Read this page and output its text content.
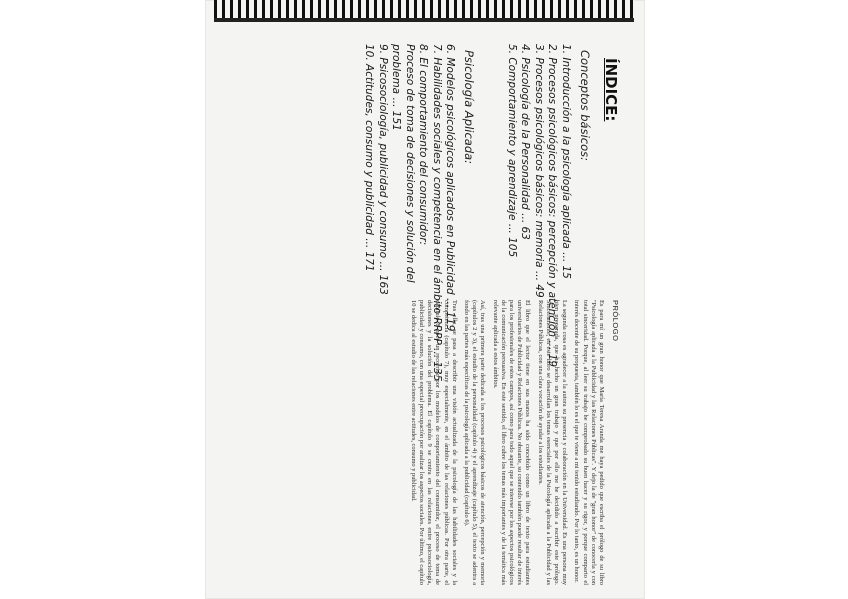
ÍNDICE:
Conceptos básicos:
1. Introducción a la psicología aplicada ... 15
2. Procesos psicológicos básicos: percepción y atención ... 19
3. Procesos psicológicos básicos: memoria ... 49
4. Psicología de la Personalidad ... 63
5. Comportamiento y aprendizaje ... 105
Psicología Aplicada:
6. Modelos psicológicos aplicados en Publicidad ... 119
7. Habilidades sociales y competencia en el ámbito RRPP ... 135
8. El comportamiento del consumidor: Proceso de toma de decisiones y solución del problema ... 151
9. Psicosociología, publicidad y consumo ... 163
10. Actitudes, consumo y publicidad ... 171
PRÓLOGO

Es para mí un gran honor que María Teresa Aranda me haya pedido que escriba el prólogo de su libro "Psicología aplicada a la Publicidad y las Relaciones Públicas". Y dejo la de "gran honor" de conocerla y con total sinceridad. Porque, al leer su trabajo he comprobado su buen hacer y su rigor, y porque comparto el interés docente de su propuesta, también lo es el que te viene a mi tenido estudiando. Por lo tanto, es un honor.

La segunda cosa es agradecer a la autora su presencia y colaboración en la Universidad. Es una persona muy bien preparada, que ha hecho un gran trabajo y que por ello me he decidido a escribir este prólogo. Sinceramente, en este libro se desarrollan los temas esenciales de la Psicología aplicada a la Publicidad y las Relaciones Públicas, con una clara vocación de ayudar a los estudiantes.

El libro que el lector tiene en sus manos ha sido concebido como un libro de texto para estudiantes universitarios de Publicidad y Relaciones Públicas. No obstante, su contenido también puede resultar de interés para los profesionales de estos campos, así como para todo aquel que se interese por los aspectos psicológicos de la comunicación persuasiva. En este sentido, el libro cubre los temas más importantes y de la temática más relevante aplicada a estos ámbitos.

Así, tras una primera parte dedicada a los procesos psicológicos básicos de atención, percepción y memoria (capítulos 2 y 3), el estudio de la personalidad (capítulo 4) y el aprendizaje (capítulo 5), el texto se adentra a fondo en las partes más específicas de la psicología aplicada a la publicidad (capítulo 6).

Tras ello, se pasa a describir una visión actualizada de la psicología de las habilidades sociales y la competencia (capítulo 7), muy especialmente, en el ámbito de las relaciones públicas. Por otra parte, el capítulo 8 hace un recorrido por los modelos de comportamiento del consumidor, el proceso de toma de decisiones y la solución del problema. El capítulo 9 se centra en las relaciones entre psicosociología, publicidad y consumo, con una especial preocupación por analizar los aspectos sociales. Por último, el capítulo 10 se dedica al estudio de las relaciones entre actitudes, consumo y publicidad.
